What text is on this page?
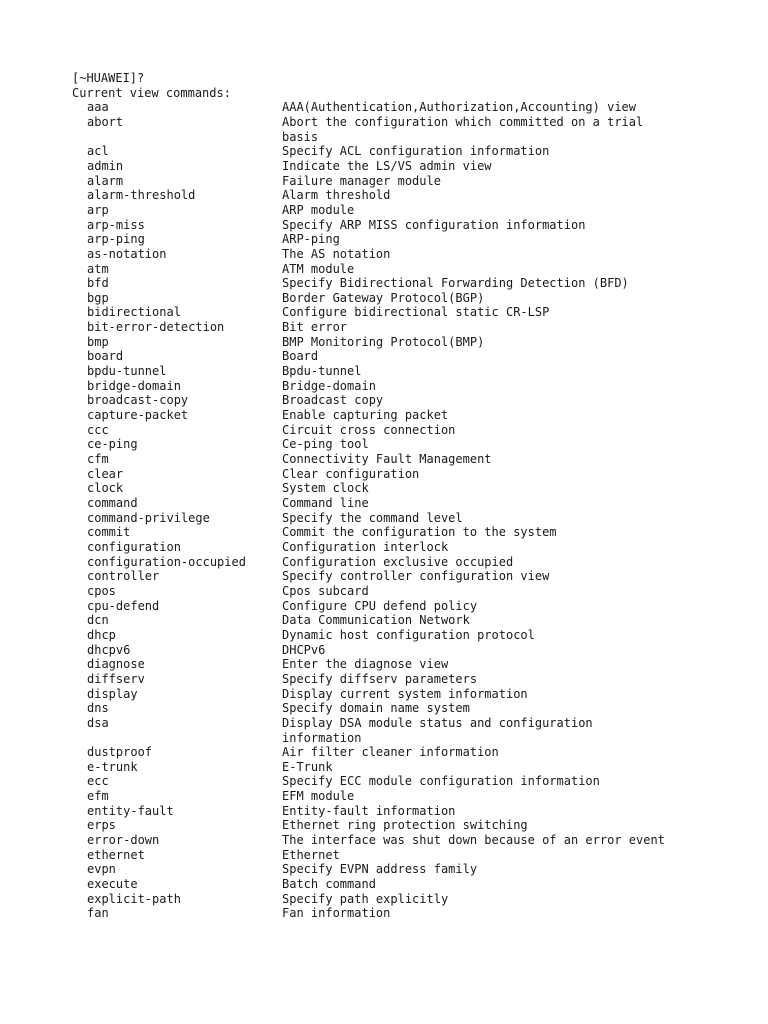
[~HUAWEI]?
Current view commands:
aaa	AAA(Authentication,Authorization,Accounting) view
abort	Abort the configuration which committed on a trial basis
acl	Specify ACL configuration information
admin	Indicate the LS/VS admin view
alarm	Failure manager module
alarm-threshold	Alarm threshold
arp	ARP module
arp-miss	Specify ARP MISS configuration information
arp-ping	ARP-ping
as-notation	The AS notation
atm	ATM module
bfd	Specify Bidirectional Forwarding Detection (BFD)
bgp	Border Gateway Protocol(BGP)
bidirectional	Configure bidirectional static CR-LSP
bit-error-detection	Bit error
bmp	BMP Monitoring Protocol(BMP)
board	Board
bpdu-tunnel	Bpdu-tunnel
bridge-domain	Bridge-domain
broadcast-copy	Broadcast copy
capture-packet	Enable capturing packet
ccc	Circuit cross connection
ce-ping	Ce-ping tool
cfm	Connectivity Fault Management
clear	Clear configuration
clock	System clock
command	Command line
command-privilege	Specify the command level
commit	Commit the configuration to the system
configuration	Configuration interlock
configuration-occupied	Configuration exclusive occupied
controller	Specify controller configuration view
cpos	Cpos subcard
cpu-defend	Configure CPU defend policy
dcn	Data Communication Network
dhcp	Dynamic host configuration protocol
dhcpv6	DHCPv6
diagnose	Enter the diagnose view
diffserv	Specify diffserv parameters
display	Display current system information
dns	Specify domain name system
dsa	Display DSA module status and configuration information
dustproof	Air filter cleaner information
e-trunk	E-Trunk
ecc	Specify ECC module configuration information
efm	EFM module
entity-fault	Entity-fault information
erps	Ethernet ring protection switching
error-down	The interface was shut down because of an error event
ethernet	Ethernet
evpn	Specify EVPN address family
execute	Batch command
explicit-path	Specify path explicitly
fan	Fan information
